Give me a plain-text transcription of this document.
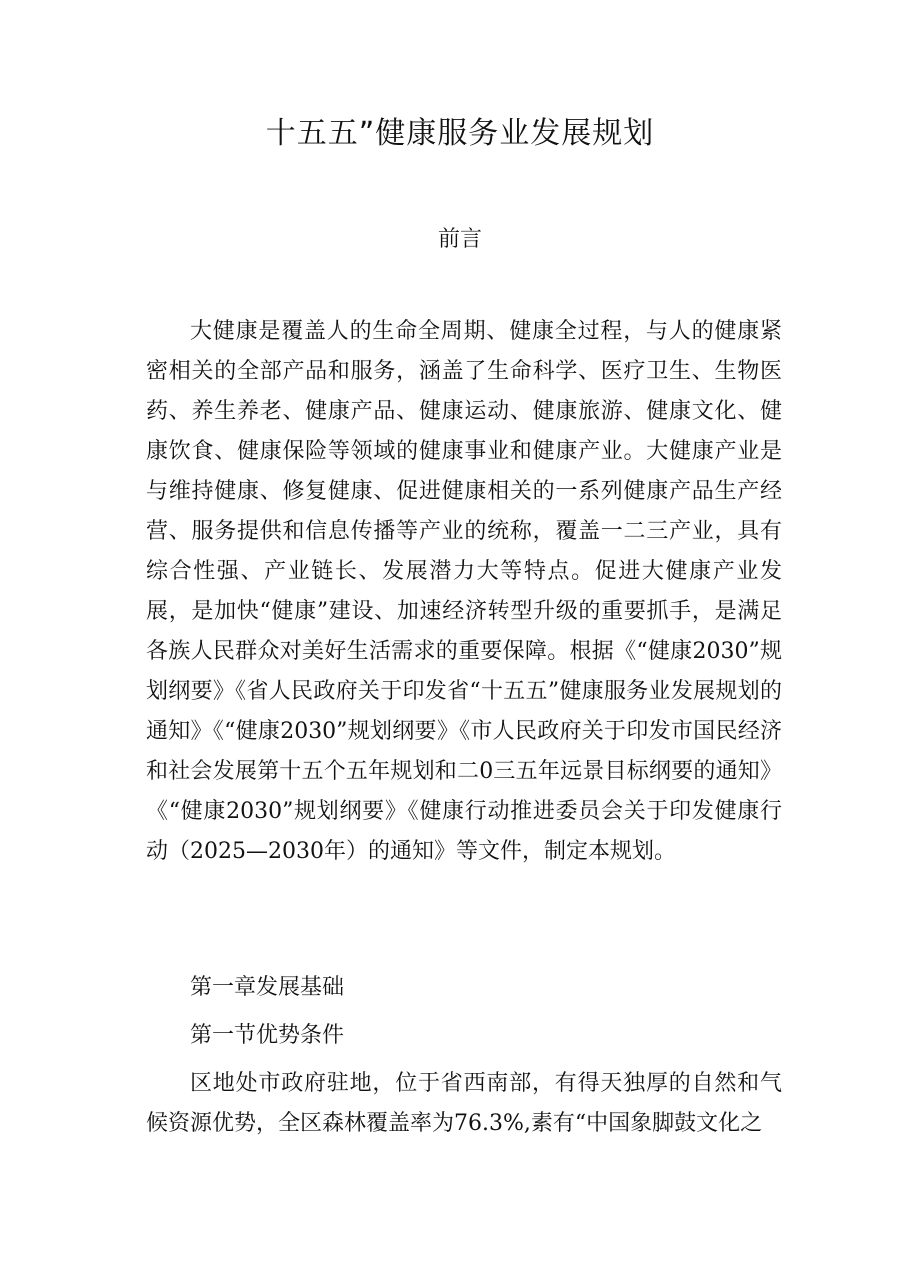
十五五”健康服务业发展规划
前言

大健康是覆盖人的生命全周期、健康全过程，与人的健康紧密相关的全部产品和服务，涵盖了生命科学、医疗卫生、生物医药、养生养老、健康产品、健康运动、健康旅游、健康文化、健康饮食、健康保险等领域的健康事业和健康产业。大健康产业是与维持健康、修复健康、促进健康相关的一系列健康产品生产经营、服务提供和信息传播等产业的统称，覆盖一二三产业，具有综合性强、产业链长、发展潜力大等特点。促进大健康产业发展，是加快“健康”建设、加速经济转型升级的重要抓手，是满足各族人民群众对美好生活需求的重要保障。根据《“健康2030”规划纲要》《省人民政府关于印发省“十五五”健康服务业发展规划的通知》《“健康2030”规划纲要》《市人民政府关于印发市国民经济和社会发展第十五个五年规划和二0三五年远景目标纲要的通知》《“健康2030”规划纲要》《健康行动推进委员会关于印发健康行动（2025—2030年）的通知》等文件，制定本规划。

第一章发展基础
第一节优势条件

区地处市政府驻地，位于省西南部，有得天独厚的自然和气候资源优势，全区森林覆盖率为76.3%,素有“中国象脚鼓文化之
